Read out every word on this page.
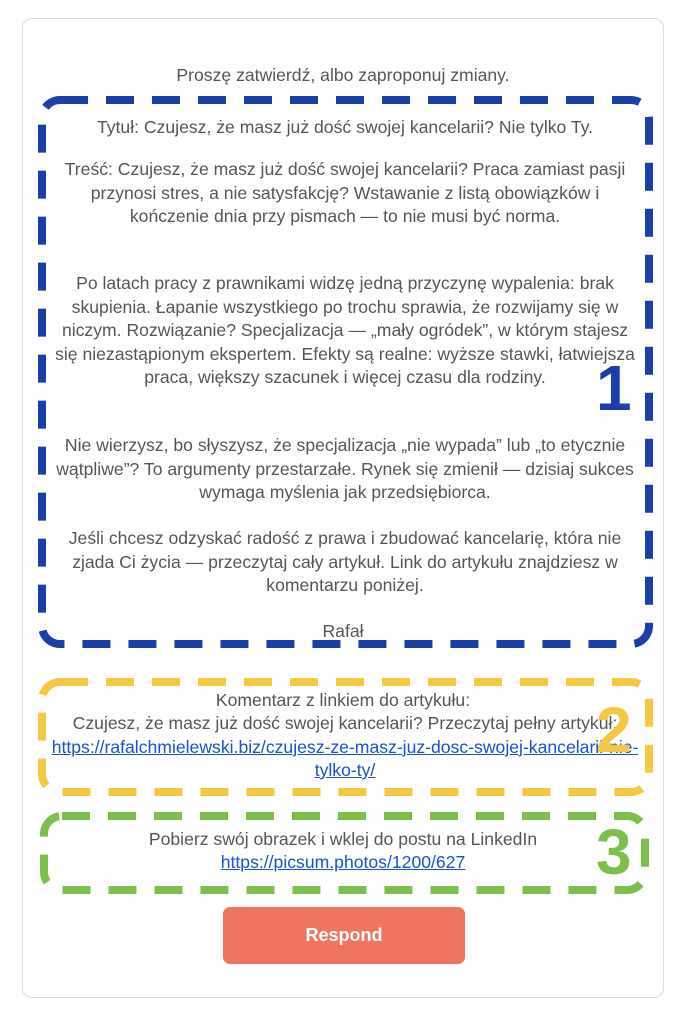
Proszę zatwierdź, albo zaproponuj zmiany.
Tytuł: Czujesz, że masz już dość swojej kancelarii? Nie tylko Ty.
Treść: Czujesz, że masz już dość swojej kancelarii? Praca zamiast pasji przynosi stres, a nie satysfakcję? Wstawanie z listą obowiązków i kończenie dnia przy pismach — to nie musi być norma.
Po latach pracy z prawnikami widzę jedną przyczynę wypalenia: brak skupienia. Łapanie wszystkiego po trochu sprawia, że rozwijamy się w niczym. Rozwiązanie? Specjalizacja — „mały ogródek”, w którym stajesz się niezastąpionym ekspertem. Efekty są realne: wyższe stawki, łatwiejsza praca, większy szacunek i więcej czasu dla rodziny.
Nie wierzysz, bo słyszysz, że specjalizacja „nie wypada” lub „to etycznie wątpliwe”? To argumenty przestarzałe. Rynek się zmienił — dzisiaj sukces wymaga myślenia jak przedsiębiorca.
Jeśli chcesz odzyskać radość z prawa i zbudować kancelarię, która nie zjada Ci życia — przeczytaj cały artykuł. Link do artykułu znajdziesz w komentarzu poniżej.
Rafał
---
Komentarz z linkiem do artykułu:
Czujesz, że masz już dość swojej kancelarii? Przeczytaj pełny artykuł: https://rafalchmielewski.biz/czujesz-ze-masz-juz-dosc-swojej-kancelarii-nie-tylko-ty/
---
Pobierz swój obrazek i wklej do postu na LinkedIn
https://picsum.photos/1200/627
1
2
3
Respond
